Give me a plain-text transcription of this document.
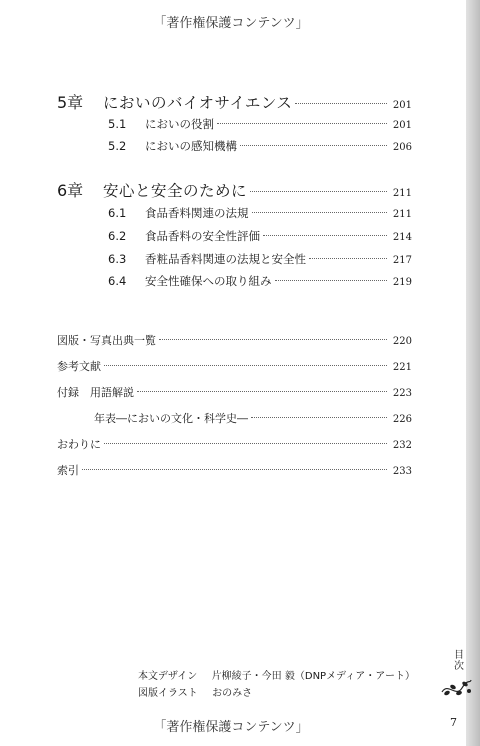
「著作権保護コンテンツ」
5章	においのバイオサイエンス	201
5.1	においの役割	201
5.2	においの感知機構	206
6章	安心と安全のために	211
6.1	食品香料関連の法規	211
6.2	食品香料の安全性評価	214
6.3	香粧品香料関連の法規と安全性	217
6.4	安全性確保への取り組み	219
図版・写真出典一覧	220
参考文献	221
付録　用語解説	223
年表―においの文化・科学史―	226
おわりに	232
索引	233
本文デザイン 片柳綾子・今田 毅（DNPメディア・アート）
図版イラスト おのみさ
目次
「著作権保護コンテンツ」	7
